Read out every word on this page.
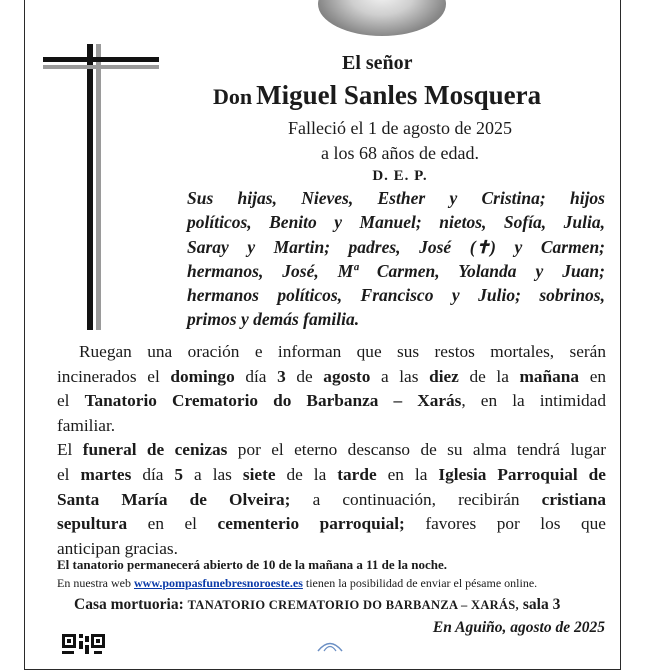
El señor
Don Miguel Sanles Mosquera
Falleció el 1 de agosto de 2025
a los 68 años de edad.
D. E. P.
Sus hijas, Nieves, Esther y Cristina; hijos
políticos, Benito y Manuel; nietos, Sofía, Julia,
Saray y Martin; padres, José (✝) y Carmen;
hermanos, José, Mª Carmen, Yolanda y Juan;
hermanos políticos, Francisco y Julio; sobrinos,
primos y demás familia.
Ruegan una oración e informan que sus restos mortales, serán
incinerados el domingo día 3 de agosto a las diez de la mañana en
el Tanatorio Crematorio do Barbanza – Xarás, en la intimidad
familiar.
El funeral de cenizas por el eterno descanso de su alma tendrá lugar
el martes día 5 a las siete de la tarde en la Iglesia Parroquial de
Santa María de Olveira; a continuación, recibirán cristiana
sepultura en el cementerio parroquial; favores por los que
anticipan gracias.
El tanatorio permanecerá abierto de 10 de la mañana a 11 de la noche.
En nuestra web www.pompasfunebresnoroeste.es tienen la posibilidad de enviar el pésame online.
Casa mortuoria: TANATORIO CREMATORIO DO BARBANZA – XARÁS, sala 3
En Aguiño, agosto de 2025
